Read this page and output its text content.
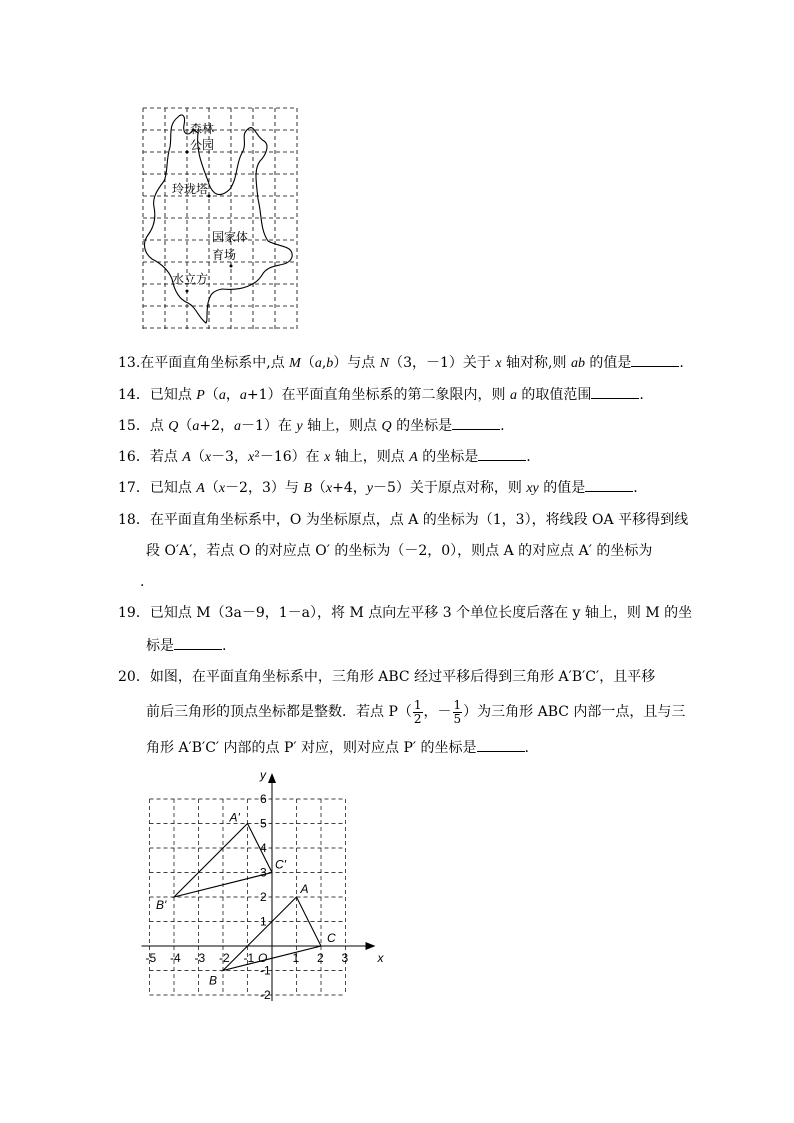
森林
公园
玲珑塔
国家体
育场
水立方
13.在平面直角坐标系中,点 M（a,b）与点 N（3，－1）关于 x 轴对称,则 ab 的值是	.
14．已知点 P（a，a+1）在平面直角坐标系的第二象限内，则 a 的取值范围	.
15．点 Q（a+2，a－1）在 y 轴上，则点 Q 的坐标是	.
16．若点 A（x－3，x²－16）在 x 轴上，则点 A 的坐标是	.
17．已知点 A（x－2，3）与 B（x+4，y－5）关于原点对称，则 xy 的值是	.
18．在平面直角坐标系中，O 为坐标原点，点 A 的坐标为（1，3），将线段 OA 平移得到线
段 O′A′，若点 O 的对应点 O′ 的坐标为（－2，0），则点 A 的对应点 A′ 的坐标为
.
19．已知点 M（3a－9，1－a），将 M 点向左平移 3 个单位长度后落在 y 轴上，则 M 的坐
标是	.
20．如图，在平面直角坐标系中，三角形 ABC 经过平移后得到三角形 A′B′C′，且平移
前后三角形的顶点坐标都是整数．若点 $P( \frac{1}{2}$ ，－ $\frac{1}{5}$ ）为三角形 ABC 内部一点，且与三
角形 A′B′C′ 内部的点 P′ 对应，则对应点 P′ 的坐标是	.
x
y
-5 -4 -3 -2 -1 O 1 2 3
6
5
4
3
2
1
-1
-2
A
B
C
A'
B'
C'
